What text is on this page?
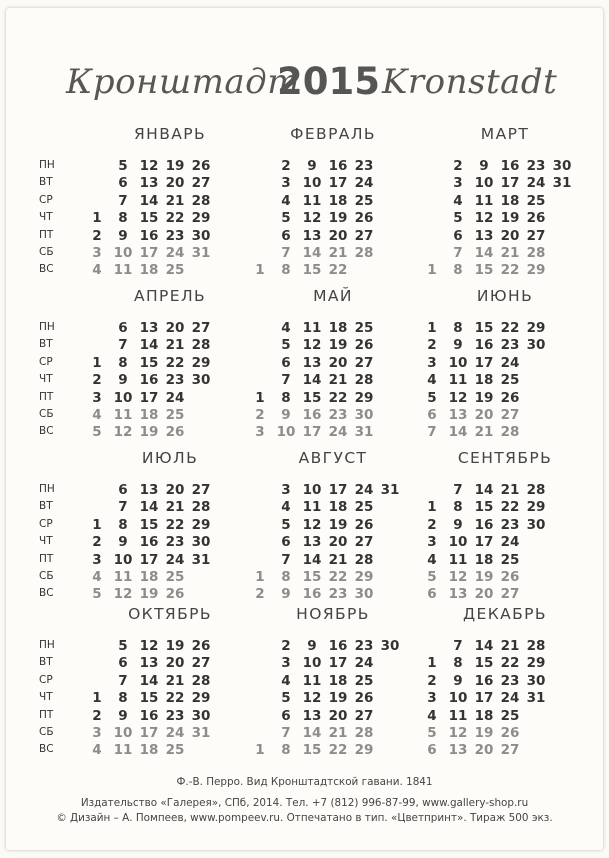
Кронштадт
2015 Kronstadt
ЯНВАРЬ
ПН
ВТ
СР
ЧТ
ПТ
СБ
ВС
1
2
3
4
5
6
7
8
9
10
11
12
13
14
15
16
17
18
19
20
21
22
23
24
25
26
27
28
29
30
31
ФЕВРАЛЬ
1
2
3
4
5
6
7
8
9
10
11
12
13
14
15
16
17
18
19
20
21
22
23
24
25
26
27
28
МАРТ
1
2
3
4
5
6
7
8
9
10
11
12
13
14
15
16
17
18
19
20
21
22
23
24
25
26
27
28
29
30
31
АПРЕЛЬ
ПН
ВТ
СР
ЧТ
ПТ
СБ
ВС
1
2
3
4
5
6
7
8
9
10
11
12
13
14
15
16
17
18
19
20
21
22
23
24
25
26
27
28
29
30
МАЙ
1
2
3
4
5
6
7
8
9
10
11
12
13
14
15
16
17
18
19
20
21
22
23
24
25
26
27
28
29
30
31
ИЮНЬ
1
2
3
4
5
6
7
8
9
10
11
12
13
14
15
16
17
18
19
20
21
22
23
24
25
26
27
28
29
30
ИЮЛЬ
ПН
ВТ
СР
ЧТ
ПТ
СБ
ВС
1
2
3
4
5
6
7
8
9
10
11
12
13
14
15
16
17
18
19
20
21
22
23
24
25
26
27
28
29
30
31
АВГУСТ
1
2
3
4
5
6
7
8
9
10
11
12
13
14
15
16
17
18
19
20
21
22
23
24
25
26
27
28
29
30
31
СЕНТЯБРЬ
1
2
3
4
5
6
7
8
9
10
11
12
13
14
15
16
17
18
19
20
21
22
23
24
25
26
27
28
29
30
ОКТЯБРЬ
ПН
ВТ
СР
ЧТ
ПТ
СБ
ВС
1
2
3
4
5
6
7
8
9
10
11
12
13
14
15
16
17
18
19
20
21
22
23
24
25
26
27
28
29
30
31
НОЯБРЬ
1
2
3
4
5
6
7
8
9
10
11
12
13
14
15
16
17
18
19
20
21
22
23
24
25
26
27
28
29
30
ДЕКАБРЬ
1
2
3
4
5
6
7
8
9
10
11
12
13
14
15
16
17
18
19
20
21
22
23
24
25
26
27
28
29
30
31
Ф.-В. Перро. Вид Кронштадтской гавани. 1841
Издательство «Галерея», СПб, 2014. Тел. +7 (812) 996-87-99, www.gallery-shop.ru
© Дизайн – А. Помпеев, www.pompeev.ru. Отпечатано в тип. «Цветпринт». Тираж 500 экз.
